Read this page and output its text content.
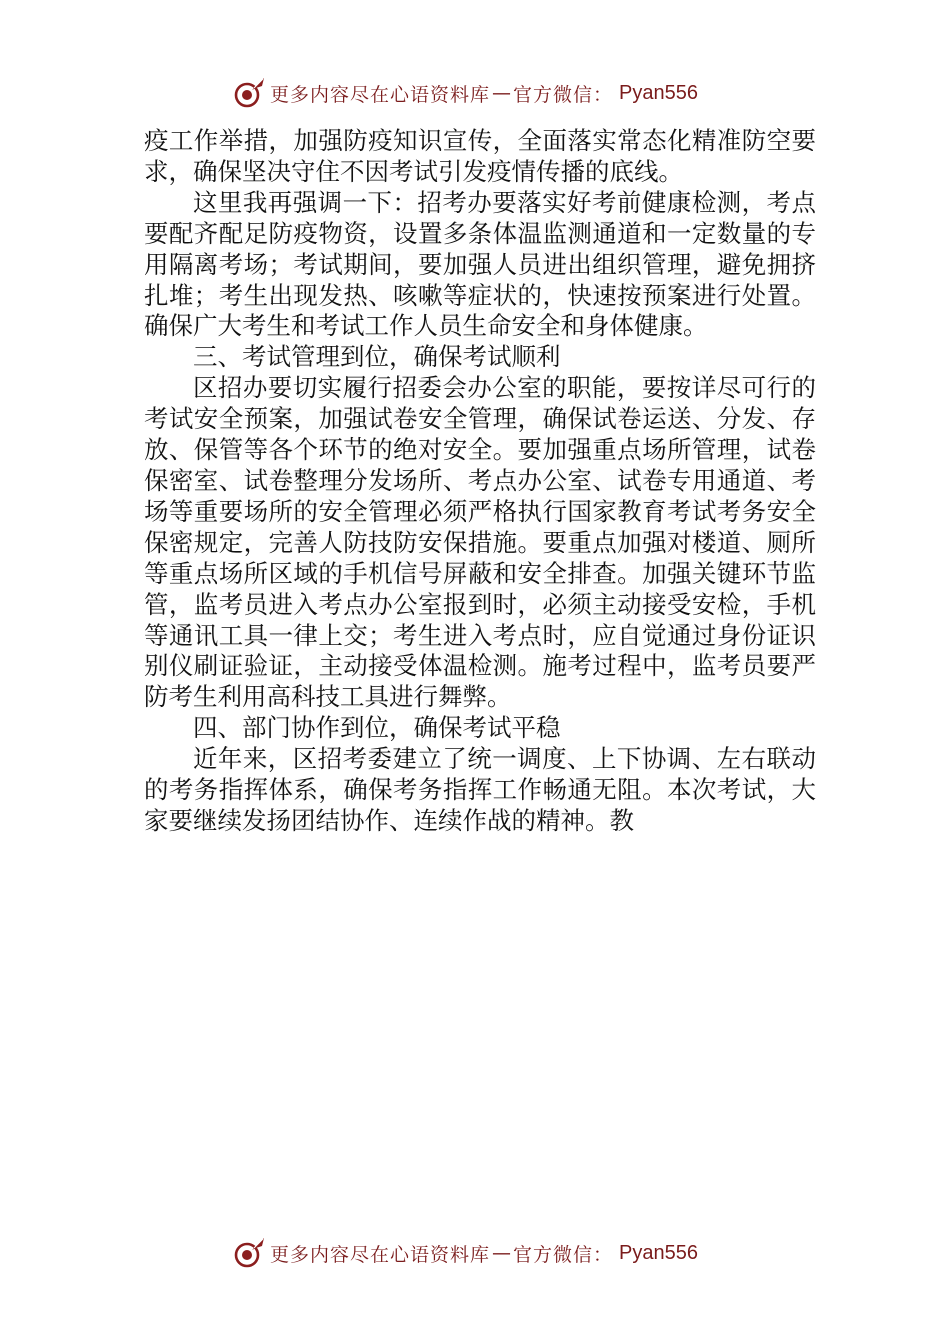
更多内容尽在心语资料库 — 官方微信： Pyan556

疫工作举措，加强防疫知识宣传，全面落实常态化精准防空要求，确保坚决守住不因考试引发疫情传播的底线。

这里我再强调一下：招考办要落实好考前健康检测，考点要配齐配足防疫物资，设置多条体温监测通道和一定数量的专用隔离考场；考试期间，要加强人员进出组织管理，避免拥挤扎堆；考生出现发热、咳嗽等症状的，快速按预案进行处置。确保广大考生和考试工作人员生命安全和身体健康。

三、考试管理到位，确保考试顺利

区招办要切实履行招委会办公室的职能，要按详尽可行的考试安全预案，加强试卷安全管理，确保试卷运送、分发、存放、保管等各个环节的绝对安全。要加强重点场所管理，试卷保密室、试卷整理分发场所、考点办公室、试卷专用通道、考场等重要场所的安全管理必须严格执行国家教育考试考务安全保密规定，完善人防技防安保措施。要重点加强对楼道、厕所等重点场所区域的手机信号屏蔽和安全排查。加强关键环节监管，监考员进入考点办公室报到时，必须主动接受安检，手机等通讯工具一律上交；考生进入考点时，应自觉通过身份证识别仪刷证验证，主动接受体温检测。施考过程中，监考员要严防考生利用高科技工具进行舞弊。

四、部门协作到位，确保考试平稳

近年来，区招考委建立了统一调度、上下协调、左右联动的考务指挥体系，确保考务指挥工作畅通无阻。本次考试，大家要继续发扬团结协作、连续作战的精神。教

更多内容尽在心语资料库 — 官方微信： Pyan556
